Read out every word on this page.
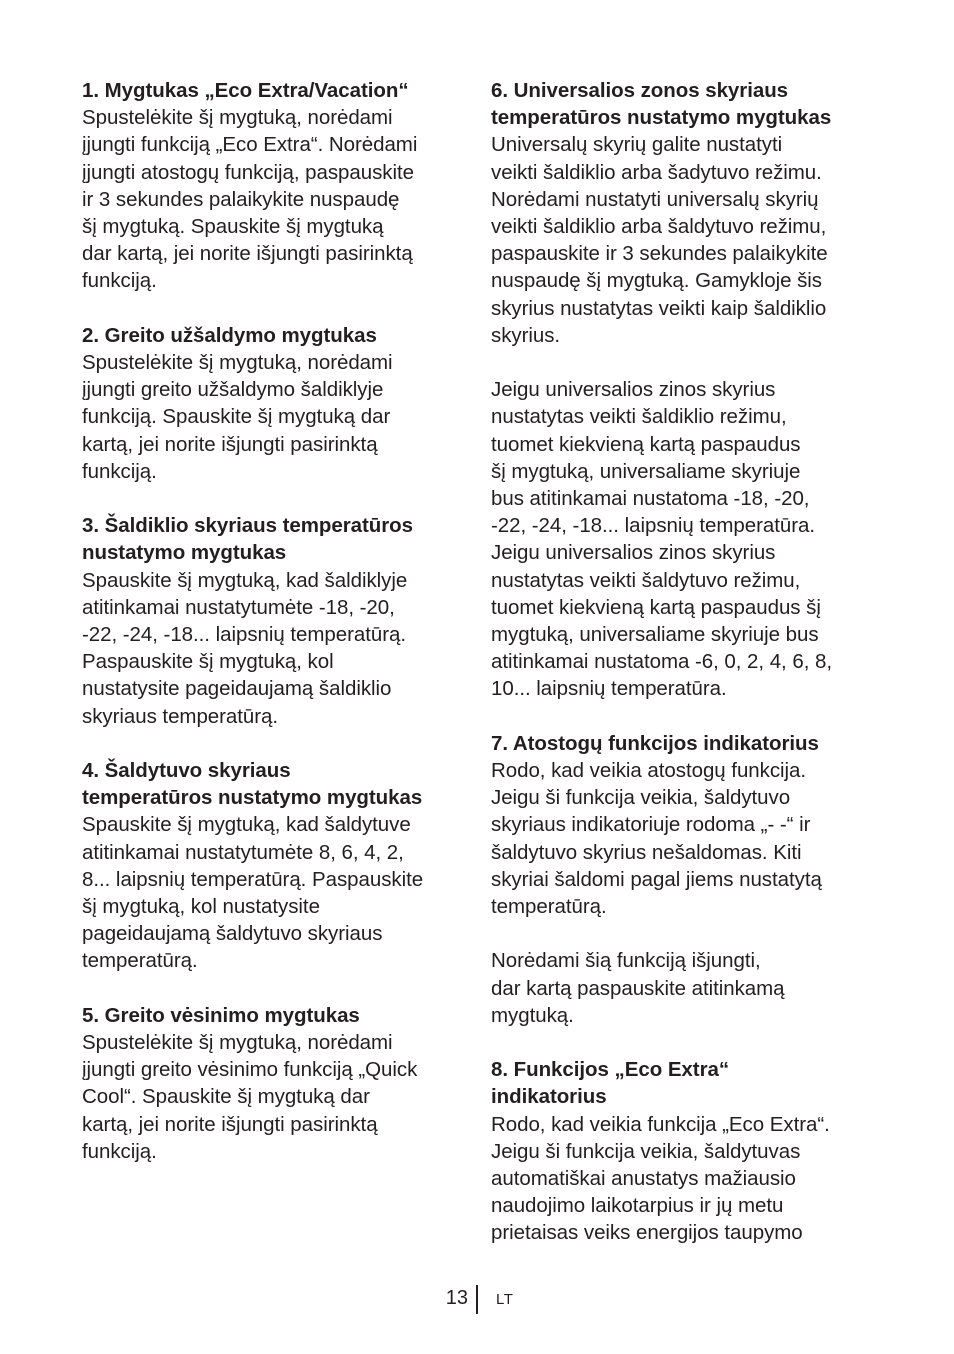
1. Mygtukas „Eco Extra/Vacation“
Spustelėkite šį mygtuką, norėdami
įjungti funkciją „Eco Extra“. Norėdami
įjungti atostogų funkciją, paspauskite
ir 3 sekundes palaikykite nuspaudę
šį mygtuką. Spauskite šį mygtuką
dar kartą, jei norite išjungti pasirinktą
funkciją.
2. Greito užšaldymo mygtukas
Spustelėkite šį mygtuką, norėdami
įjungti greito užšaldymo šaldiklyje
funkciją. Spauskite šį mygtuką dar
kartą, jei norite išjungti pasirinktą
funkciją.
3. Šaldiklio skyriaus temperatūros
nustatymo mygtukas
Spauskite šį mygtuką, kad šaldiklyje
atitinkamai nustatytumėte -18, -20,
-22, -24, -18... laipsnių temperatūrą.
Paspauskite šį mygtuką, kol
nustatysite pageidaujamą šaldiklio
skyriaus temperatūrą.
4. Šaldytuvo skyriaus
temperatūros nustatymo mygtukas
Spauskite šį mygtuką, kad šaldytuve
atitinkamai nustatytumėte 8, 6, 4, 2,
8... laipsnių temperatūrą. Paspauskite
šį mygtuką, kol nustatysite
pageidaujamą šaldytuvo skyriaus
temperatūrą.
5. Greito vėsinimo mygtukas
Spustelėkite šį mygtuką, norėdami
įjungti greito vėsinimo funkciją „Quick
Cool“. Spauskite šį mygtuką dar
kartą, jei norite išjungti pasirinktą
funkciją.
6. Universalios zonos skyriaus
temperatūros nustatymo mygtukas
Universalų skyrių galite nustatyti
veikti šaldiklio arba šadytuvo režimu.
Norėdami nustatyti universalų skyrių
veikti šaldiklio arba šaldytuvo režimu,
paspauskite ir 3 sekundes palaikykite
nuspaudę šį mygtuką. Gamykloje šis
skyrius nustatytas veikti kaip šaldiklio
skyrius.
Jeigu universalios zinos skyrius
nustatytas veikti šaldiklio režimu,
tuomet kiekvieną kartą paspaudus
šį mygtuką, universaliame skyriuje
bus atitinkamai nustatoma -18, -20,
-22, -24, -18... laipsnių temperatūra.
Jeigu universalios zinos skyrius
nustatytas veikti šaldytuvo režimu,
tuomet kiekvieną kartą paspaudus šį
mygtuką, universaliame skyriuje bus
atitinkamai nustatoma -6, 0, 2, 4, 6, 8,
10... laipsnių temperatūra.
7. Atostogų funkcijos indikatorius
Rodo, kad veikia atostogų funkcija.
Jeigu ši funkcija veikia, šaldytuvo
skyriaus indikatoriuje rodoma „- -“ ir
šaldytuvo skyrius nešaldomas. Kiti
skyriai šaldomi pagal jiems nustatytą
temperatūrą.
Norėdami šią funkciją išjungti,
dar kartą paspauskite atitinkamą
mygtuką.
8. Funkcijos „Eco Extra“
indikatorius
Rodo, kad veikia funkcija „Eco Extra“.
Jeigu ši funkcija veikia, šaldytuvas
automatiškai anustatys mažiausio
naudojimo laikotarpius ir jų metu
prietaisas veiks energijos taupymo
13 LT
